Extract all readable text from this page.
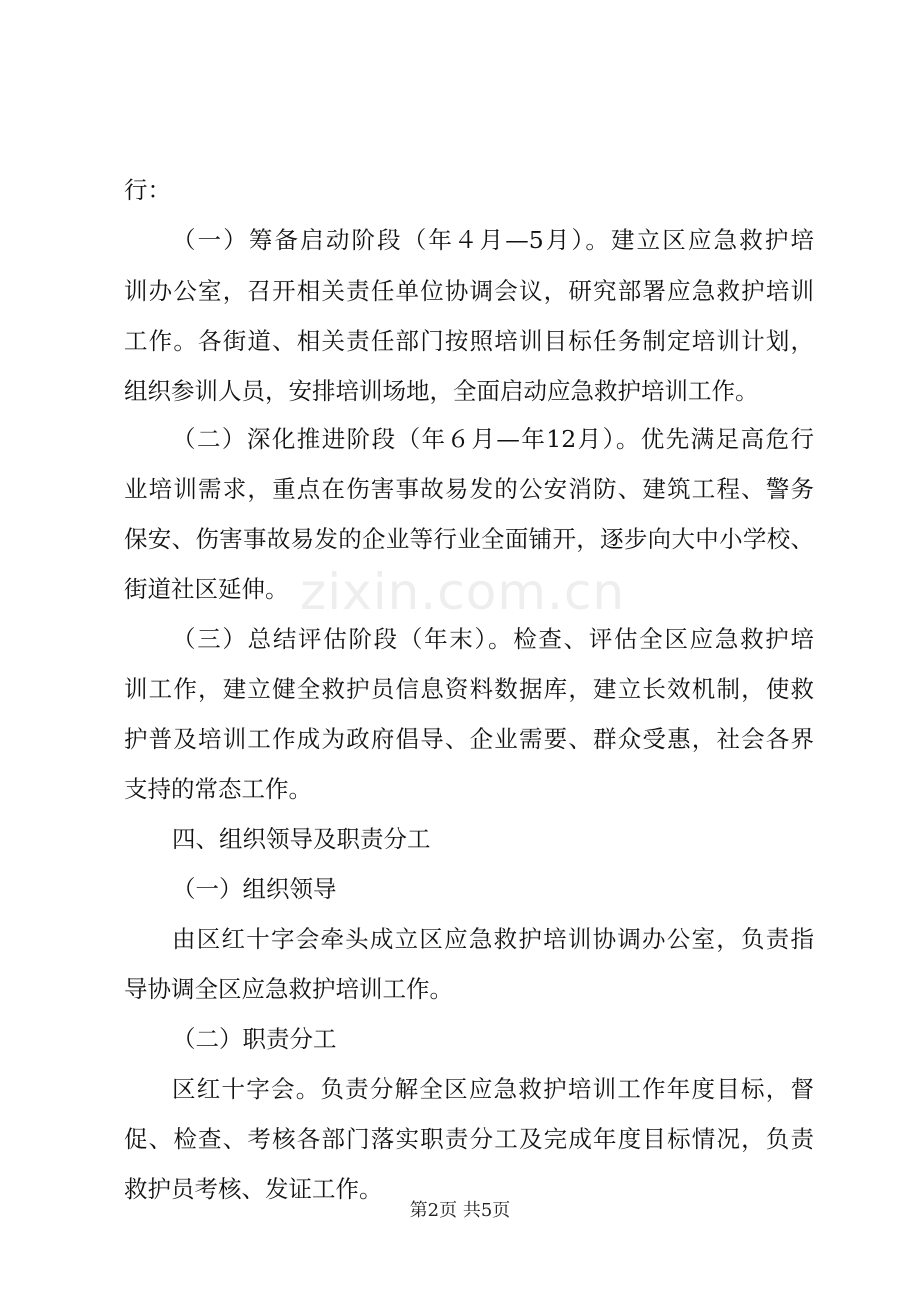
行：
（一）筹备启动阶段（年４月—5月）。建立区应急救护培
训办公室，召开相关责任单位协调会议，研究部署应急救护培训
工作。各街道、相关责任部门按照培训目标任务制定培训计划，
组织参训人员，安排培训场地，全面启动应急救护培训工作。
（二）深化推进阶段（年６月—年12月）。优先满足高危行
业培训需求，重点在伤害事故易发的公安消防、建筑工程、警务
保安、伤害事故易发的企业等行业全面铺开，逐步向大中小学校、
街道社区延伸。
（三）总结评估阶段（年末）。检查、评估全区应急救护培
训工作，建立健全救护员信息资料数据库，建立长效机制，使救
护普及培训工作成为政府倡导、企业需要、群众受惠，社会各界
支持的常态工作。
四、组织领导及职责分工
（一）组织领导
由区红十字会牵头成立区应急救护培训协调办公室，负责指
导协调全区应急救护培训工作。
（二）职责分工
区红十字会。负责分解全区应急救护培训工作年度目标，督
促、检查、考核各部门落实职责分工及完成年度目标情况，负责
救护员考核、发证工作。
zixin.com.cn
第2页 共5页
